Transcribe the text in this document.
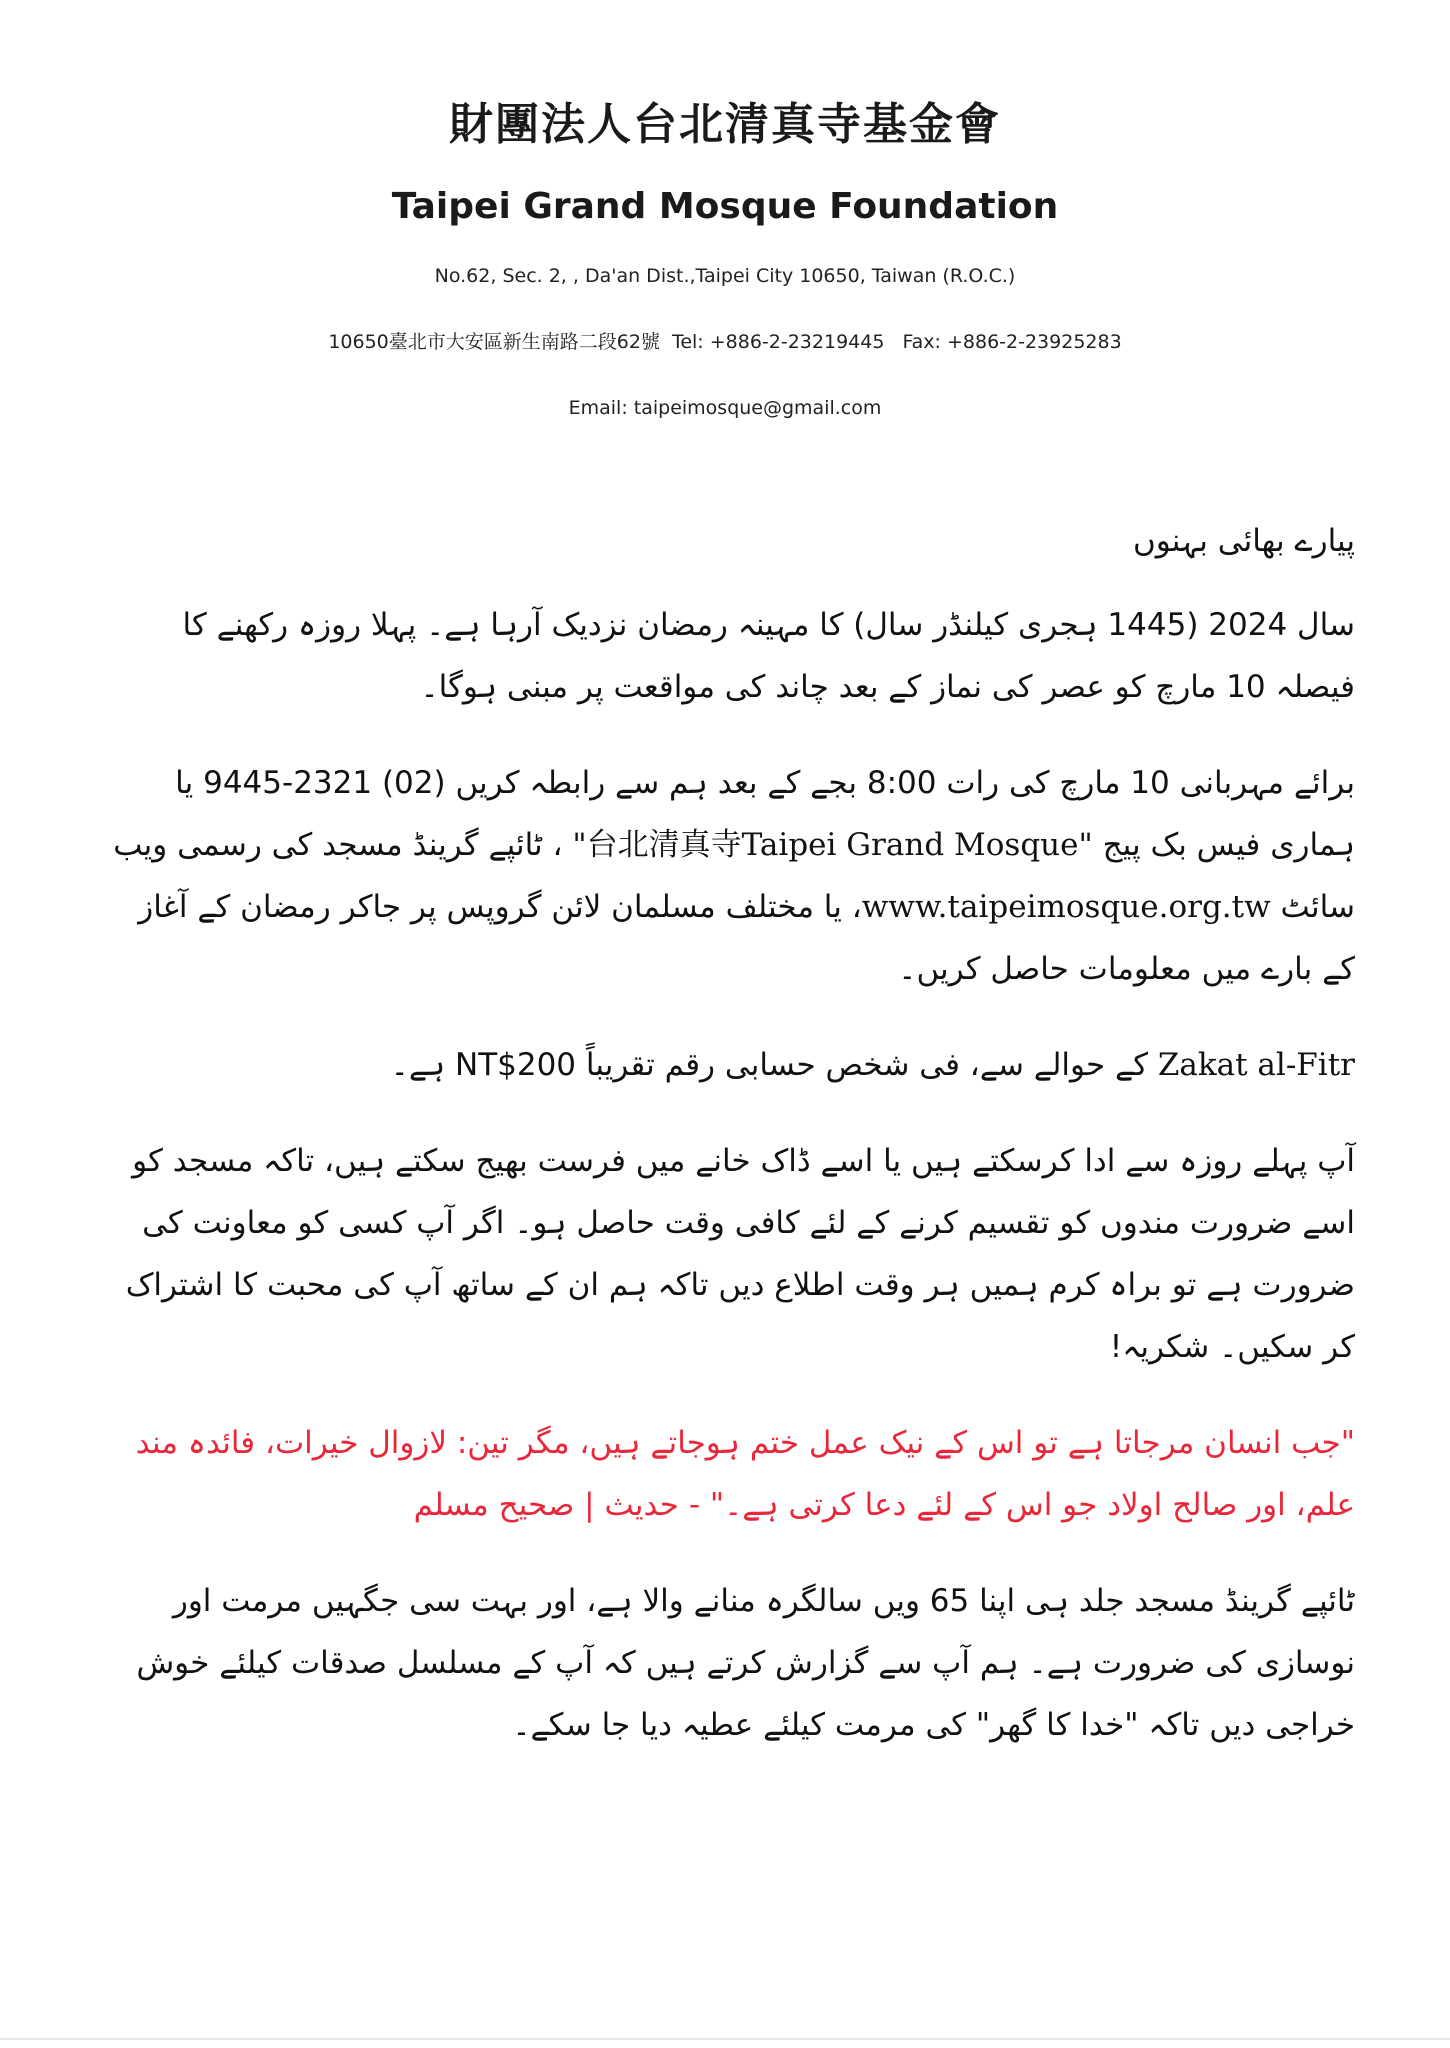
財團法人台北清真寺基金會
Taipei Grand Mosque Foundation
No.62, Sec. 2, , Da'an Dist.,Taipei City 10650, Taiwan (R.O.C.)
10650臺北市大安區新生南路二段62號 Tel: +886-2-23219445 Fax: +886-2-23925283
Email: taipeimosque@gmail.com

پیارے بھائی بہنوں

سال 2024 (1445 ہجری کیلنڈر سال) کا مہینہ رمضان نزدیک آرہا ہے۔ پہلا روزہ رکھنے کا فیصلہ 10 مارچ کو عصر کی نماز کے بعد چاند کی مواقعت پر مبنی ہوگا۔

برائے مہربانی 10 مارچ کی رات 8:00 بجے کے بعد ہم سے رابطہ کریں (02) 2321-9445 یا ہماری فیس بک پیج "台北清真寺Taipei Grand Mosque" ، ٹائپے گرینڈ مسجد کی رسمی ویب سائٹ www.taipeimosque.org.tw، یا مختلف مسلمان لائن گروپس پر جاکر رمضان کے آغاز کے بارے میں معلومات حاصل کریں۔

Zakat al-Fitr کے حوالے سے، فی شخص حسابی رقم تقریباً NT$200 ہے۔

آپ پہلے روزہ سے ادا کرسکتے ہیں یا اسے ڈاک خانے میں فرست بھیج سکتے ہیں، تاکہ مسجد کو اسے ضرورت مندوں کو تقسیم کرنے کے لئے کافی وقت حاصل ہو۔ اگر آپ کسی کو معاونت کی ضرورت ہے تو براہ کرم ہمیں ہر وقت اطلاع دیں تاکہ ہم ان کے ساتھ آپ کی محبت کا اشتراک کر سکیں۔ شکریہ!

"جب انسان مرجاتا ہے تو اس کے نیک عمل ختم ہوجاتے ہیں، مگر تین: لازوال خیرات، فائدہ مند علم، اور صالح اولاد جو اس کے لئے دعا کرتی ہے۔" - حدیث | صحیح مسلم

ٹائپے گرینڈ مسجد جلد ہی اپنا 65 ویں سالگرہ منانے والا ہے، اور بہت سی جگہیں مرمت اور نوسازی کی ضرورت ہے۔ ہم آپ سے گزارش کرتے ہیں کہ آپ کے مسلسل صدقات کیلئے خوش خراجی دیں تاکہ "خدا کا گھر" کی مرمت کیلئے عطیہ دیا جا سکے۔
